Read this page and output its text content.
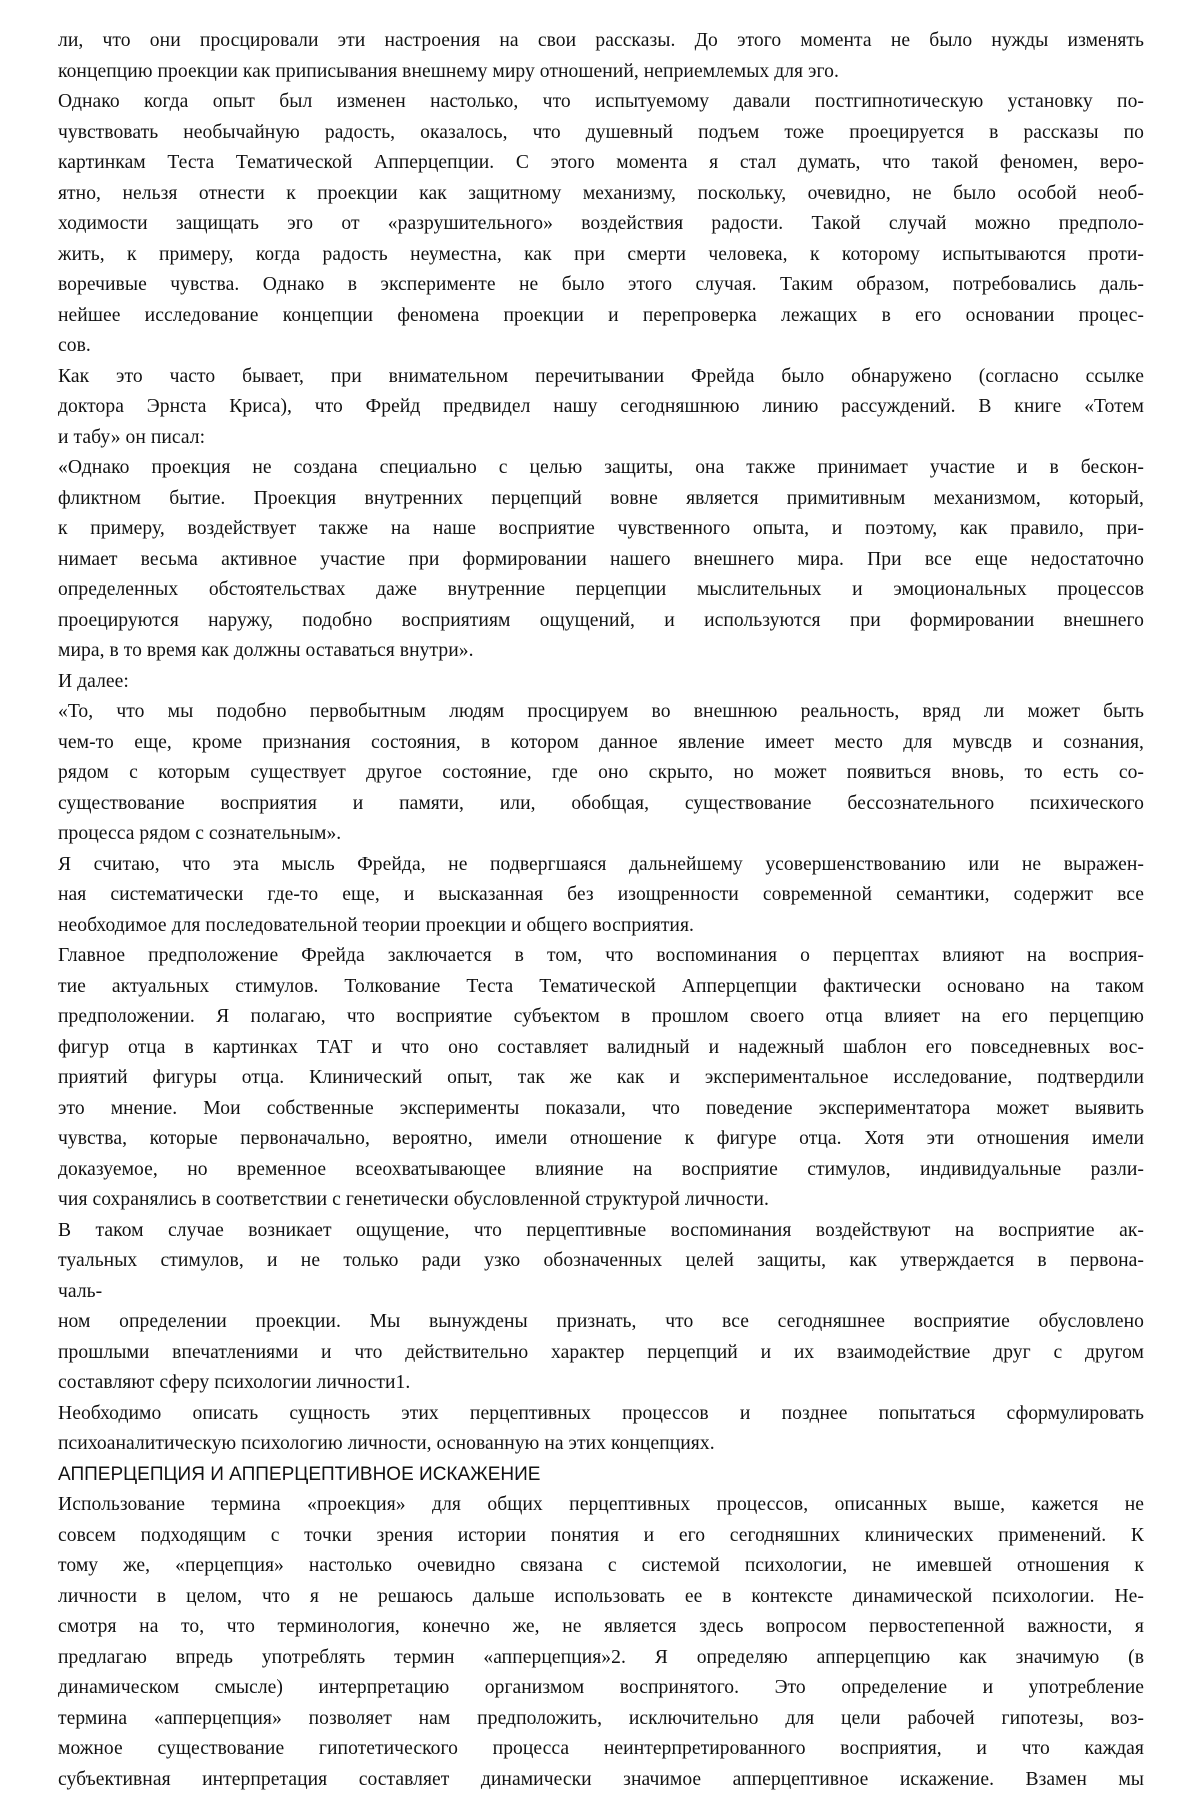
ли, что они просцировали эти настроения на свои рассказы. До этого момента не было нужды изменять
концепцию проекции как приписывания внешнему миру отношений, неприемлемых для эго.
Однако когда опыт был изменен настолько, что испытуемому давали постгипнотическую установку по-
чувствовать необычайную радость, оказалось, что душевный подъем тоже проецируется в рассказы по
картинкам Теста Тематической Апперцепции. С этого момента я стал думать, что такой феномен, веро-
ятно, нельзя отнести к проекции как защитному механизму, поскольку, очевидно, не было особой необ-
ходимости защищать эго от «разрушительного» воздействия радости. Такой случай можно предполо-
жить, к примеру, когда радость неуместна, как при смерти человека, к которому испытываются проти-
воречивые чувства. Однако в эксперименте не было этого случая. Таким образом, потребовались даль-
нейшее исследование концепции феномена проекции и перепроверка лежащих в его основании процес-
сов.
Как это часто бывает, при внимательном перечитывании Фрейда было обнаружено (согласно ссылке
доктора Эрнста Криса), что Фрейд предвидел нашу сегодняшнюю линию рассуждений. В книге «Тотем
и табу» он писал:
«Однако проекция не создана специально с целью защиты, она также принимает участие и в бескон-
фликтном бытие. Проекция внутренних перцепций вовне является примитивным механизмом, который,
к примеру, воздействует также на наше восприятие чувственного опыта, и поэтому, как правило, при-
нимает весьма активное участие при формировании нашего внешнего мира. При все еще недостаточно
определенных обстоятельствах даже внутренние перцепции мыслительных и эмоциональных процессов
проецируются наружу, подобно восприятиям ощущений, и используются при формировании внешнего
мира, в то время как должны оставаться внутри».
И далее:
«То, что мы подобно первобытным людям просцируем во внешнюю реальность, вряд ли может быть
чем-то еще, кроме признания состояния, в котором данное явление имеет место для мувсдв и сознания,
рядом с которым существует другое состояние, где оно скрыто, но может появиться вновь, то есть со-
существование восприятия и памяти, или, обобщая, существование бессознательного психического
процесса рядом с сознательным».
Я считаю, что эта мысль Фрейда, не подвергшаяся дальнейшему усовершенствованию или не выражен-
ная систематически где-то еще, и высказанная без изощренности современной семантики, содержит все
необходимое для последовательной теории проекции и общего восприятия.
Главное предположение Фрейда заключается в том, что воспоминания о перцептах влияют на восприя-
тие актуальных стимулов. Толкование Теста Тематической Апперцепции фактически основано на таком
предположении. Я полагаю, что восприятие субъектом в прошлом своего отца влияет на его перцепцию
фигур отца в картинках ТАТ и что оно составляет валидный и надежный шаблон его повседневных вос-
приятий фигуры отца. Клинический опыт, так же как и экспериментальное исследование, подтвердили
это мнение. Мои собственные эксперименты показали, что поведение экспериментатора может выявить
чувства, которые первоначально, вероятно, имели отношение к фигуре отца. Хотя эти отношения имели
доказуемое, но временное всеохватывающее влияние на восприятие стимулов, индивидуальные разли-
чия сохранялись в соответствии с генетически обусловленной структурой личности.
В таком случае возникает ощущение, что перцептивные воспоминания воздействуют на восприятие ак-
туальных стимулов, и не только ради узко обозначенных целей защиты, как утверждается в первона-
чаль-
ном определении проекции. Мы вынуждены признать, что все сегодняшнее восприятие обусловлено
прошлыми впечатлениями и что действительно характер перцепций и их взаимодействие друг с другом
составляют сферу психологии личности1.
Необходимо описать сущность этих перцептивных процессов и позднее попытаться сформулировать
психоаналитическую психологию личности, основанную на этих концепциях.
АППЕРЦЕПЦИЯ И АППЕРЦЕПТИВНОЕ ИСКАЖЕНИЕ
Использование термина «проекция» для общих перцептивных процессов, описанных выше, кажется не
совсем подходящим с точки зрения истории понятия и его сегодняшних клинических применений. К
тому же, «перцепция» настолько очевидно связана с системой психологии, не имевшей отношения к
личности в целом, что я не решаюсь дальше использовать ее в контексте динамической психологии. Не-
смотря на то, что терминология, конечно же, не является здесь вопросом первостепенной важности, я
предлагаю впредь употреблять термин «апперцепция»2. Я определяю апперцепцию как значимую (в
динамическом смысле) интерпретацию организмом воспринятого. Это определение и употребление
термина «апперцепция» позволяет нам предположить, исключительно для цели рабочей гипотезы, воз-
можное существование гипотетического процесса неинтерпретированного восприятия, и что каждая
субъективная интерпретация составляет динамически значимое апперцептивное искажение. Взамен мы
